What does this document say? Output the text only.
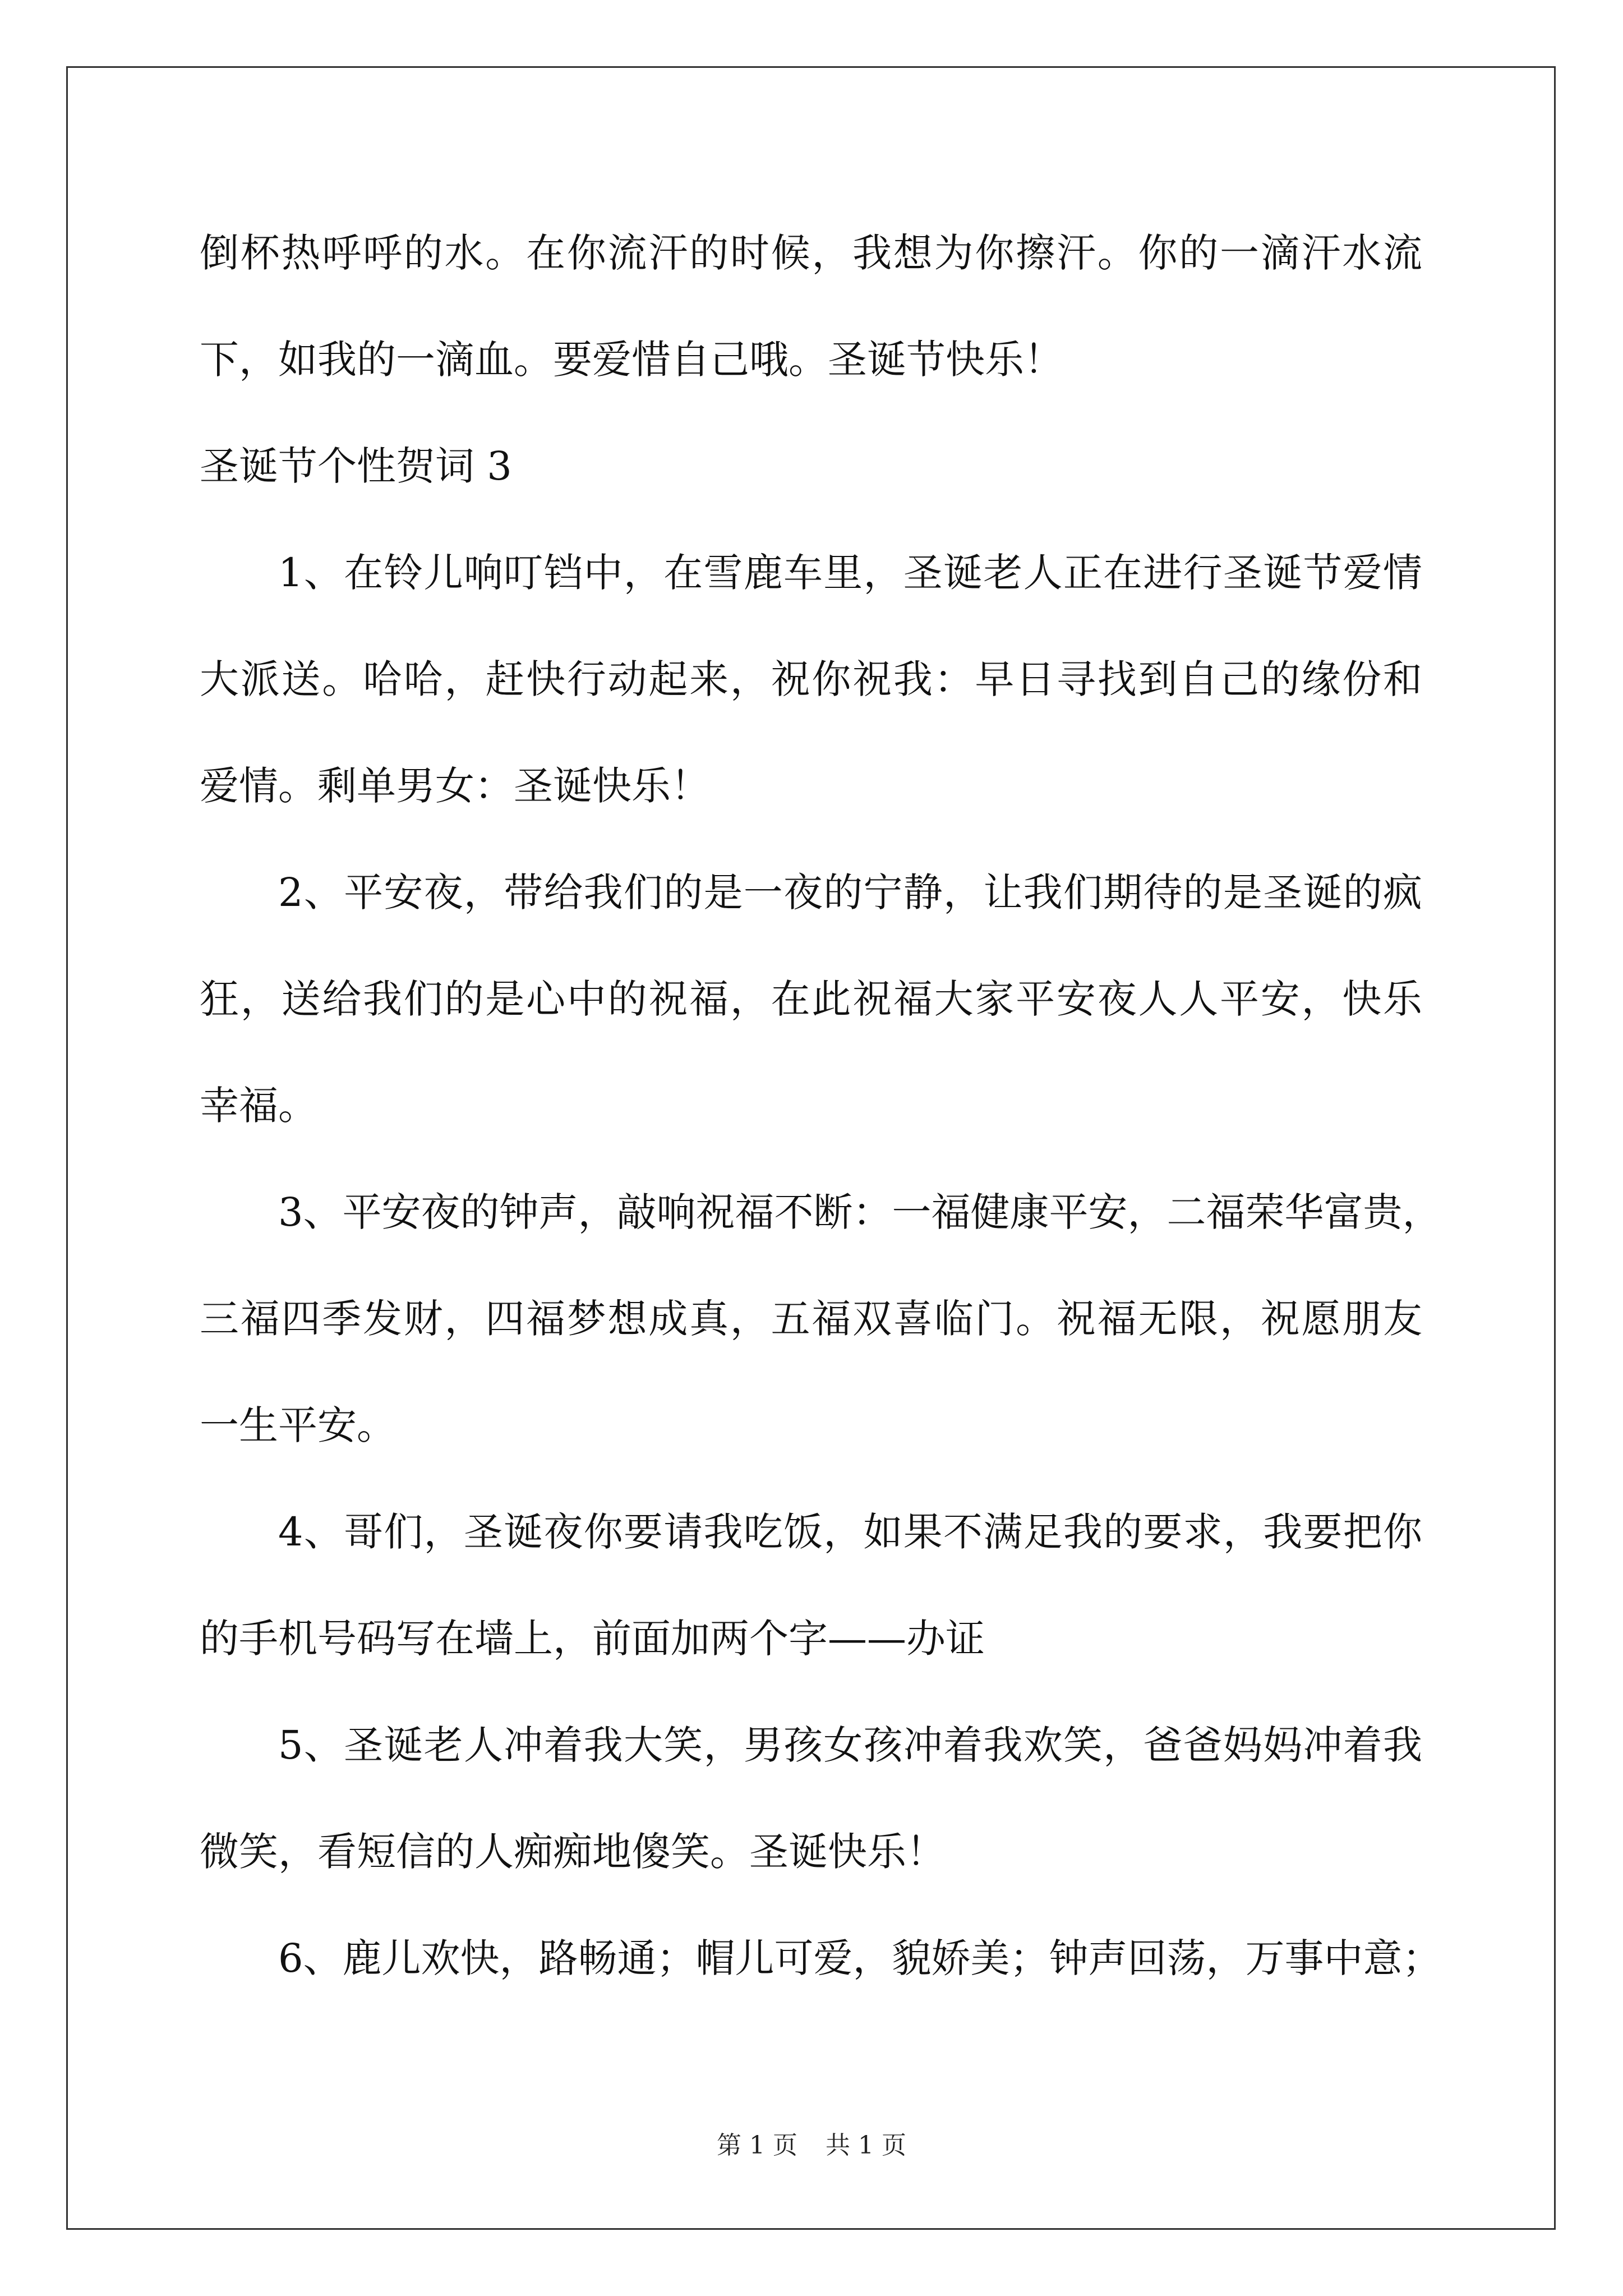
倒杯热呼呼的水。在你流汗的时候，我想为你擦汗。你的一滴汗水流
下，如我的一滴血。要爱惜自己哦。圣诞节快乐！
圣诞节个性贺词 3
1、在铃儿响叮铛中，在雪鹿车里，圣诞老人正在进行圣诞节爱情
大派送。哈哈，赶快行动起来，祝你祝我：早日寻找到自己的缘份和
爱情。剩单男女：圣诞快乐！
2、平安夜，带给我们的是一夜的宁静，让我们期待的是圣诞的疯
狂，送给我们的是心中的祝福，在此祝福大家平安夜人人平安，快乐
幸福。
3、平安夜的钟声，敲响祝福不断：一福健康平安，二福荣华富贵，
三福四季发财，四福梦想成真，五福双喜临门。祝福无限，祝愿朋友
一生平安。
4、哥们，圣诞夜你要请我吃饭，如果不满足我的要求，我要把你
的手机号码写在墙上，前面加两个字——办证
5、圣诞老人冲着我大笑，男孩女孩冲着我欢笑，爸爸妈妈冲着我
微笑，看短信的人痴痴地傻笑。圣诞快乐！
6、鹿儿欢快，路畅通；帽儿可爱，貌娇美；钟声回荡，万事中意；
第 1 页 共 1 页
